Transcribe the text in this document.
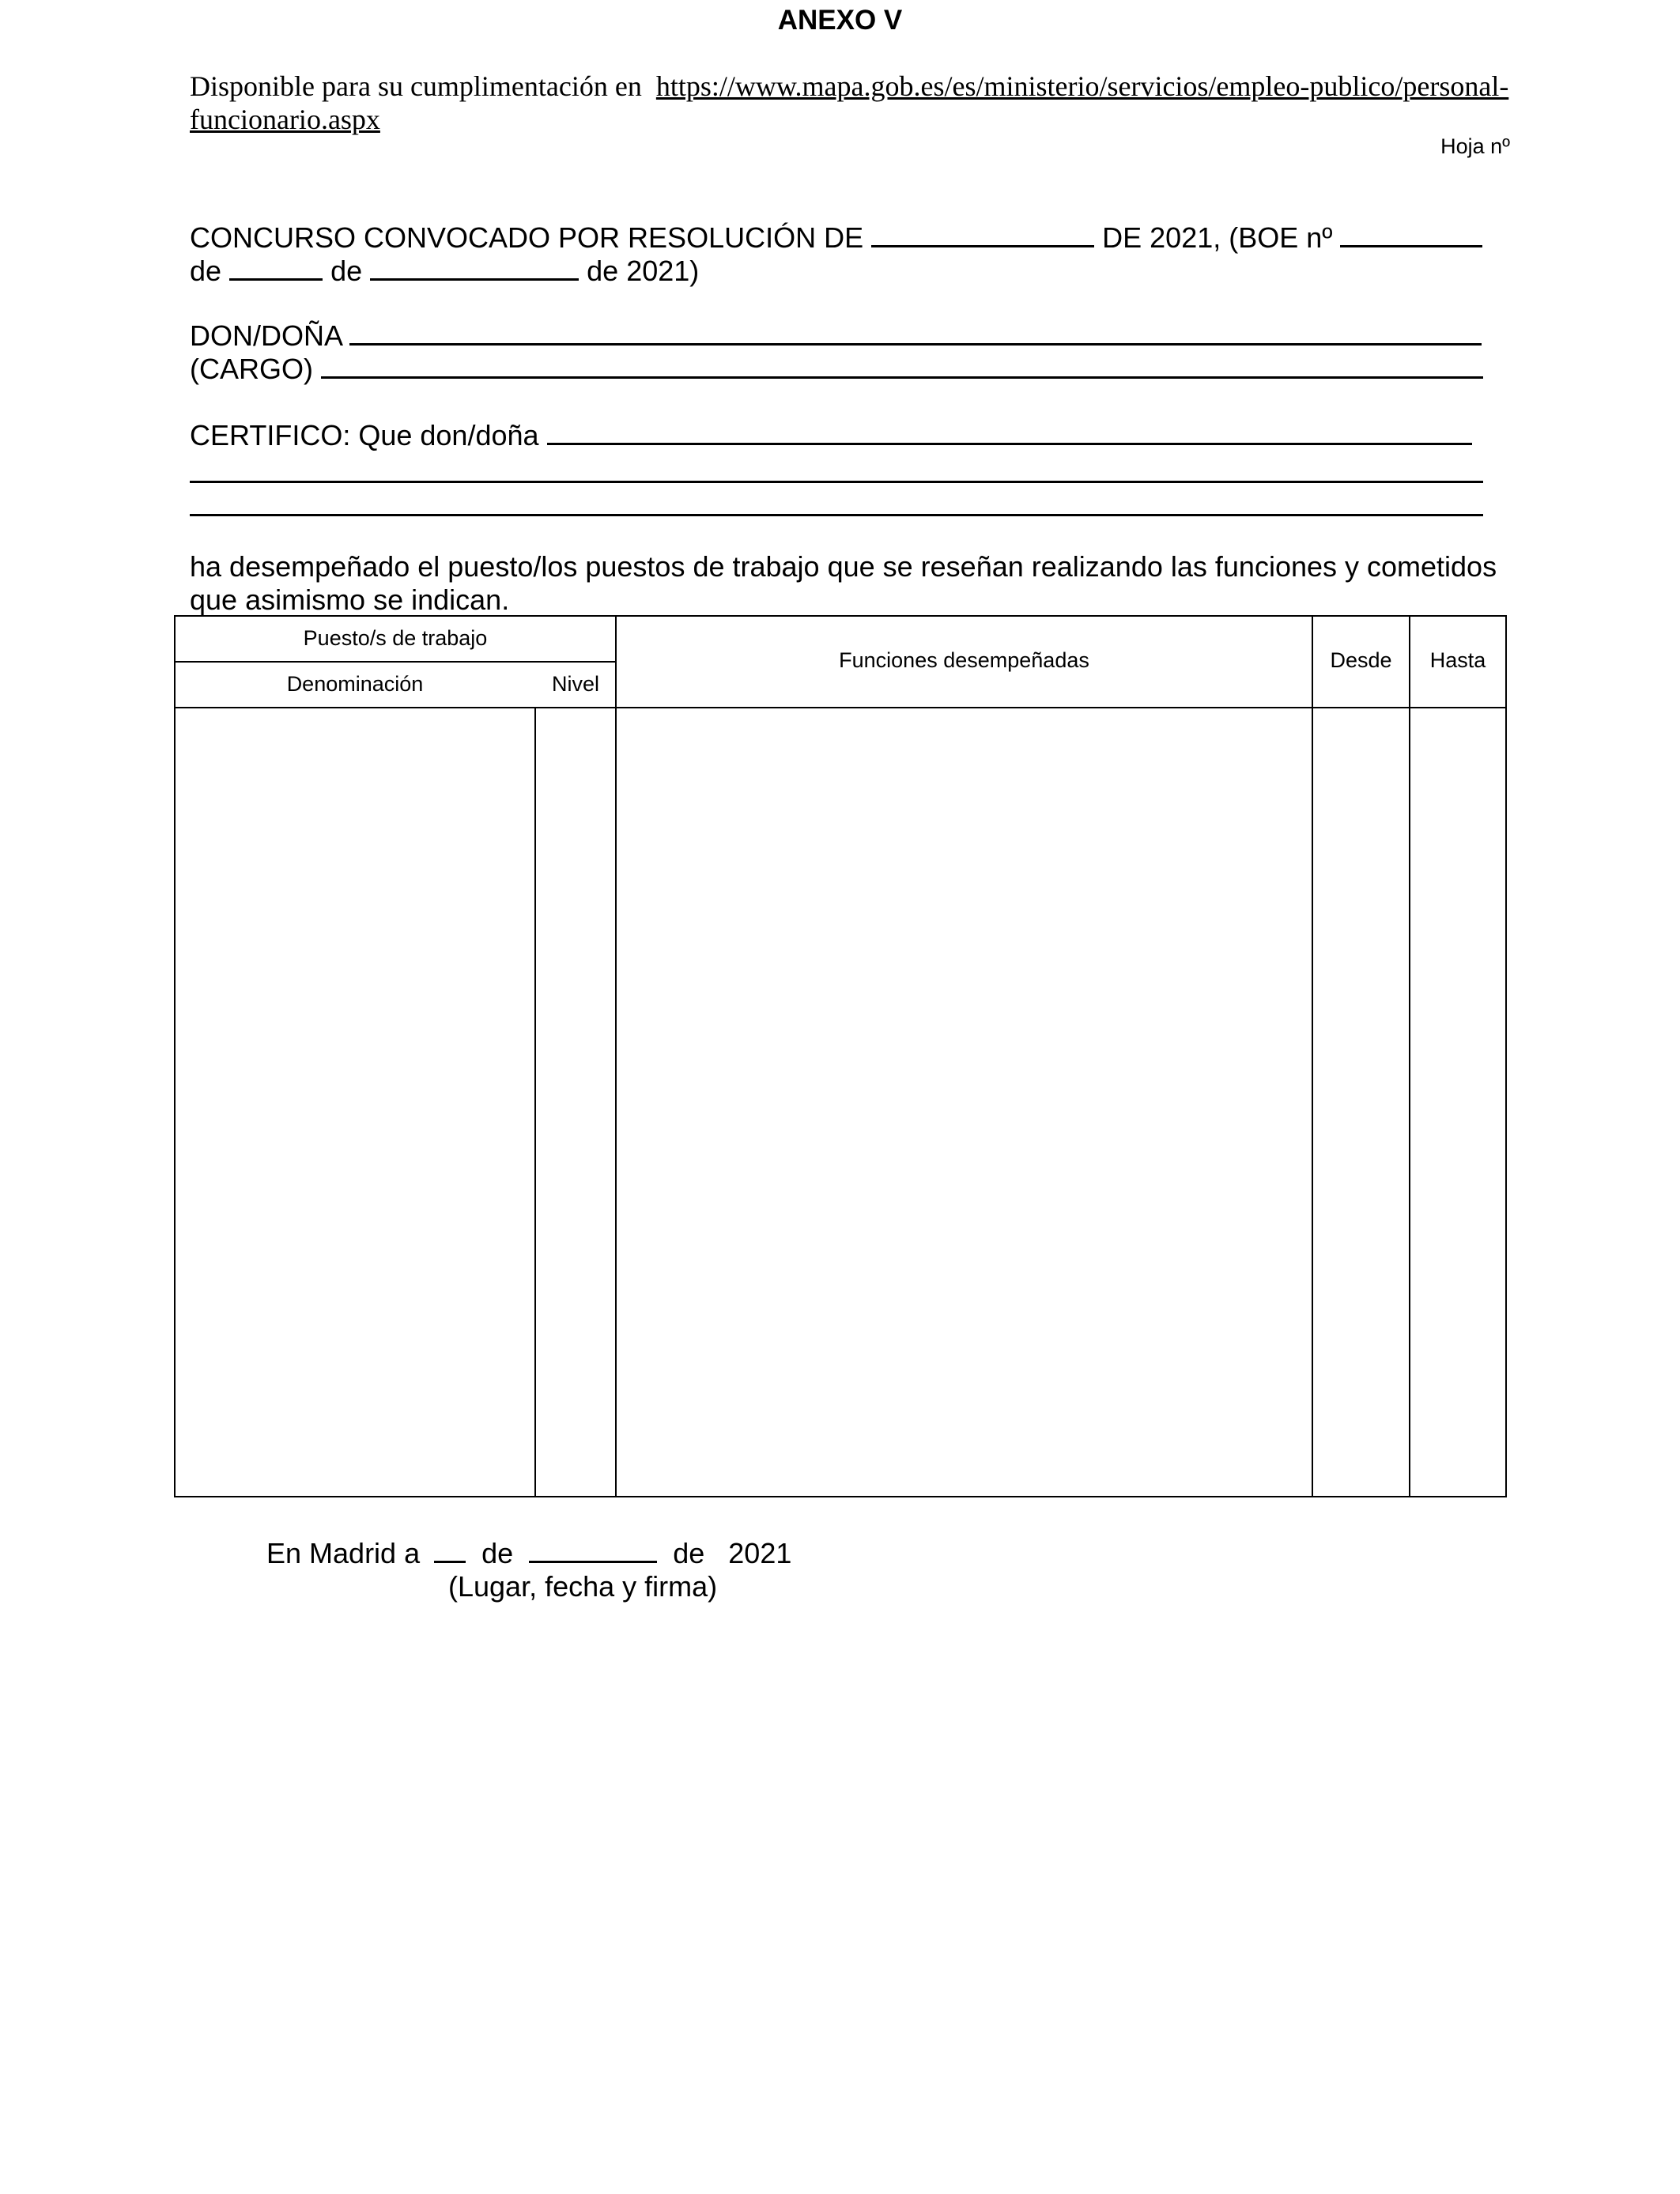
ANEXO V
Disponible para su cumplimentación en https://www.mapa.gob.es/es/ministerio/servicios/empleo-publico/personal-
funcionario.aspx
Hoja nº
CONCURSO CONVOCADO POR RESOLUCIÓN DE	DE 2021, (BOE nº
de	de	de 2021)
DON/DOÑA
(CARGO)
CERTIFICO: Que don/doña
ha desempeñado el puesto/los puestos de trabajo que se reseñan realizando las funciones y cometidos
que asimismo se indican.
Puesto/s de trabajo
Denominación	Nivel
Funciones desempeñadas	Desde	Hasta
En Madrid a de	de 2021
(Lugar, fecha y firma)
